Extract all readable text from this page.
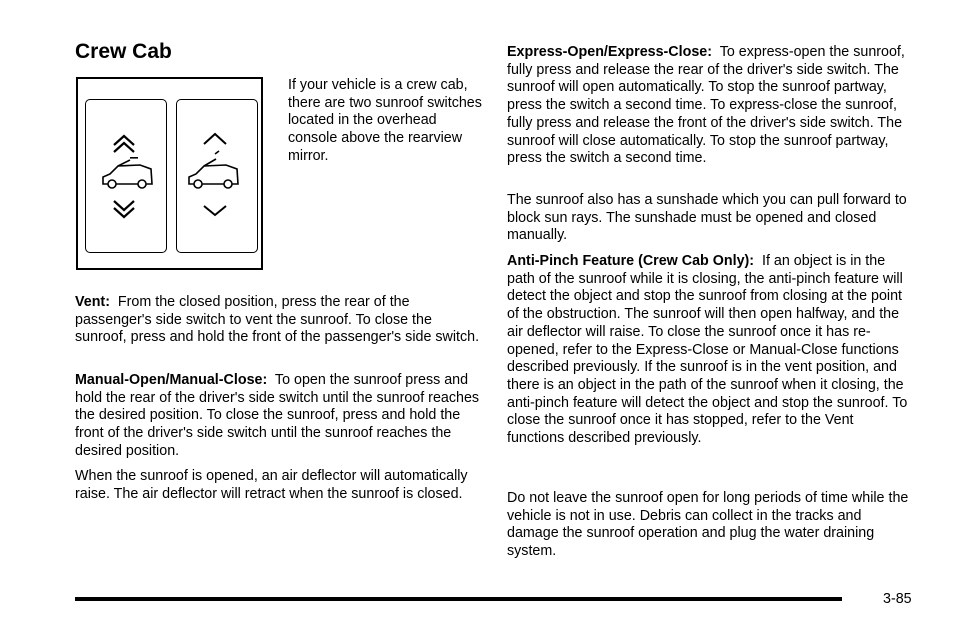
Crew Cab
If your vehicle is a crew cab, there are two sunroof switches located in the overhead console above the rearview mirror.
Vent: From the closed position, press the rear of the passenger's side switch to vent the sunroof. To close the sunroof, press and hold the front of the passenger's side switch.
Manual-Open/Manual-Close: To open the sunroof press and hold the rear of the driver's side switch until the sunroof reaches the desired position. To close the sunroof, press and hold the front of the driver's side switch until the sunroof reaches the desired position.
When the sunroof is opened, an air deflector will automatically raise. The air deflector will retract when the sunroof is closed.
Express-Open/Express-Close: To express-open the sunroof, fully press and release the rear of the driver's side switch. The sunroof will open automatically. To stop the sunroof partway, press the switch a second time. To express-close the sunroof, fully press and release the front of the driver's side switch. The sunroof will close automatically. To stop the sunroof partway, press the switch a second time.
The sunroof also has a sunshade which you can pull forward to block sun rays. The sunshade must be opened and closed manually.
Anti-Pinch Feature (Crew Cab Only): If an object is in the path of the sunroof while it is closing, the anti-pinch feature will detect the object and stop the sunroof from closing at the point of the obstruction. The sunroof will then open halfway, and the air deflector will raise. To close the sunroof once it has re-opened, refer to the Express-Close or Manual-Close functions described previously. If the sunroof is in the vent position, and there is an object in the path of the sunroof when it closing, the anti-pinch feature will detect the object and stop the sunroof. To close the sunroof once it has stopped, refer to the Vent functions described previously.
Do not leave the sunroof open for long periods of time while the vehicle is not in use. Debris can collect in the tracks and damage the sunroof operation and plug the water draining system.
3-85
